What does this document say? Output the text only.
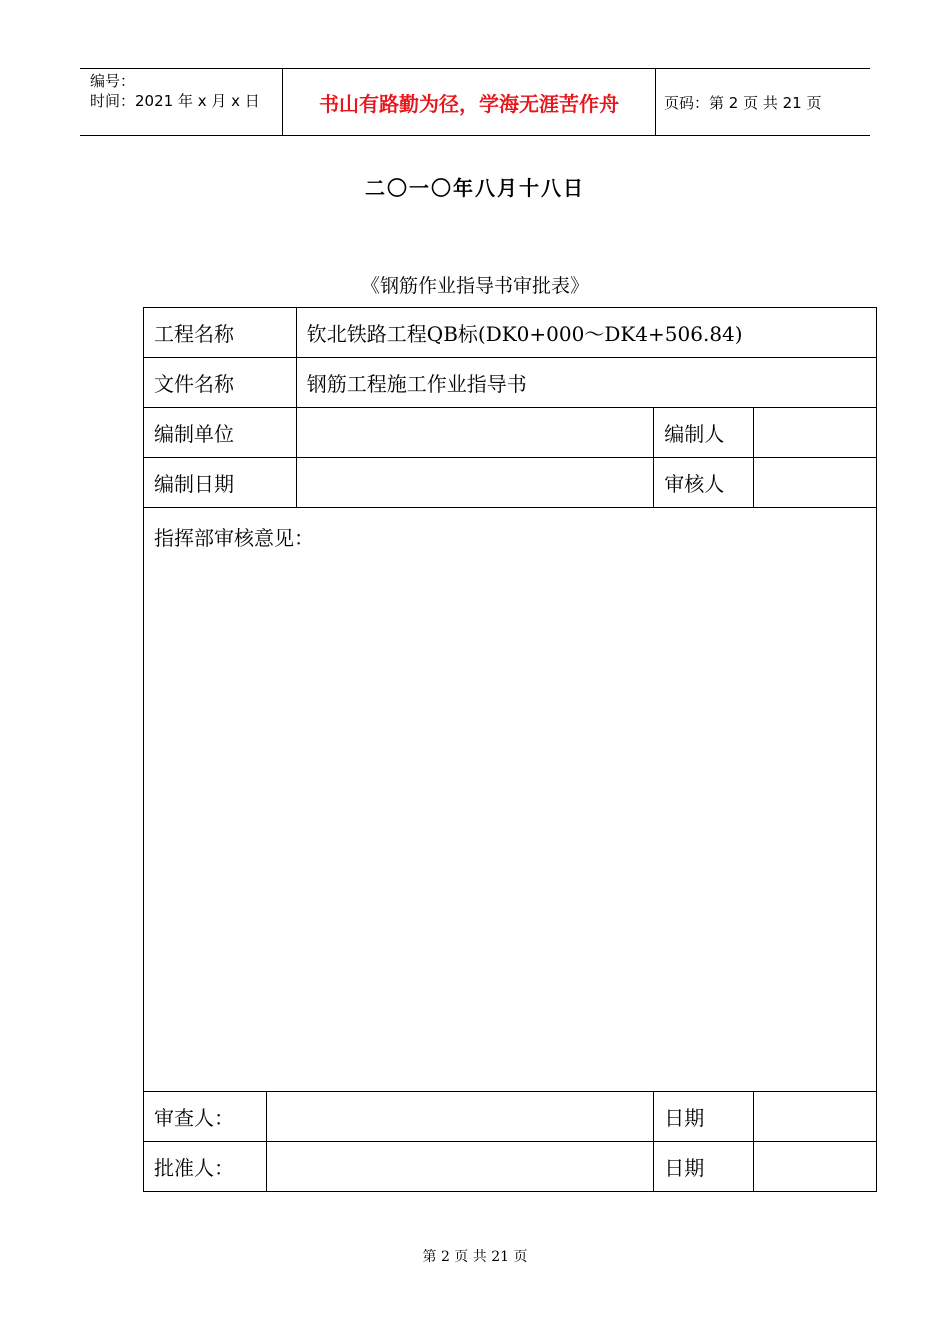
编号：
时间：2021 年 x 月 x 日	书山有路勤为径，学海无涯苦作舟	页码：第 2 页 共 21 页
二〇一〇年八月十八日
《钢筋作业指导书审批表》
工程名称		钦北铁路工程QB标(DK0+000～DK4+506.84)		
文件名称		钢筋工程施工作业指导书		
编制单位			编制人	
编制日期			审核人	
指挥部审核意见：				
审查人：			日期	
批准人：			日期	
第 2 页 共 21 页
